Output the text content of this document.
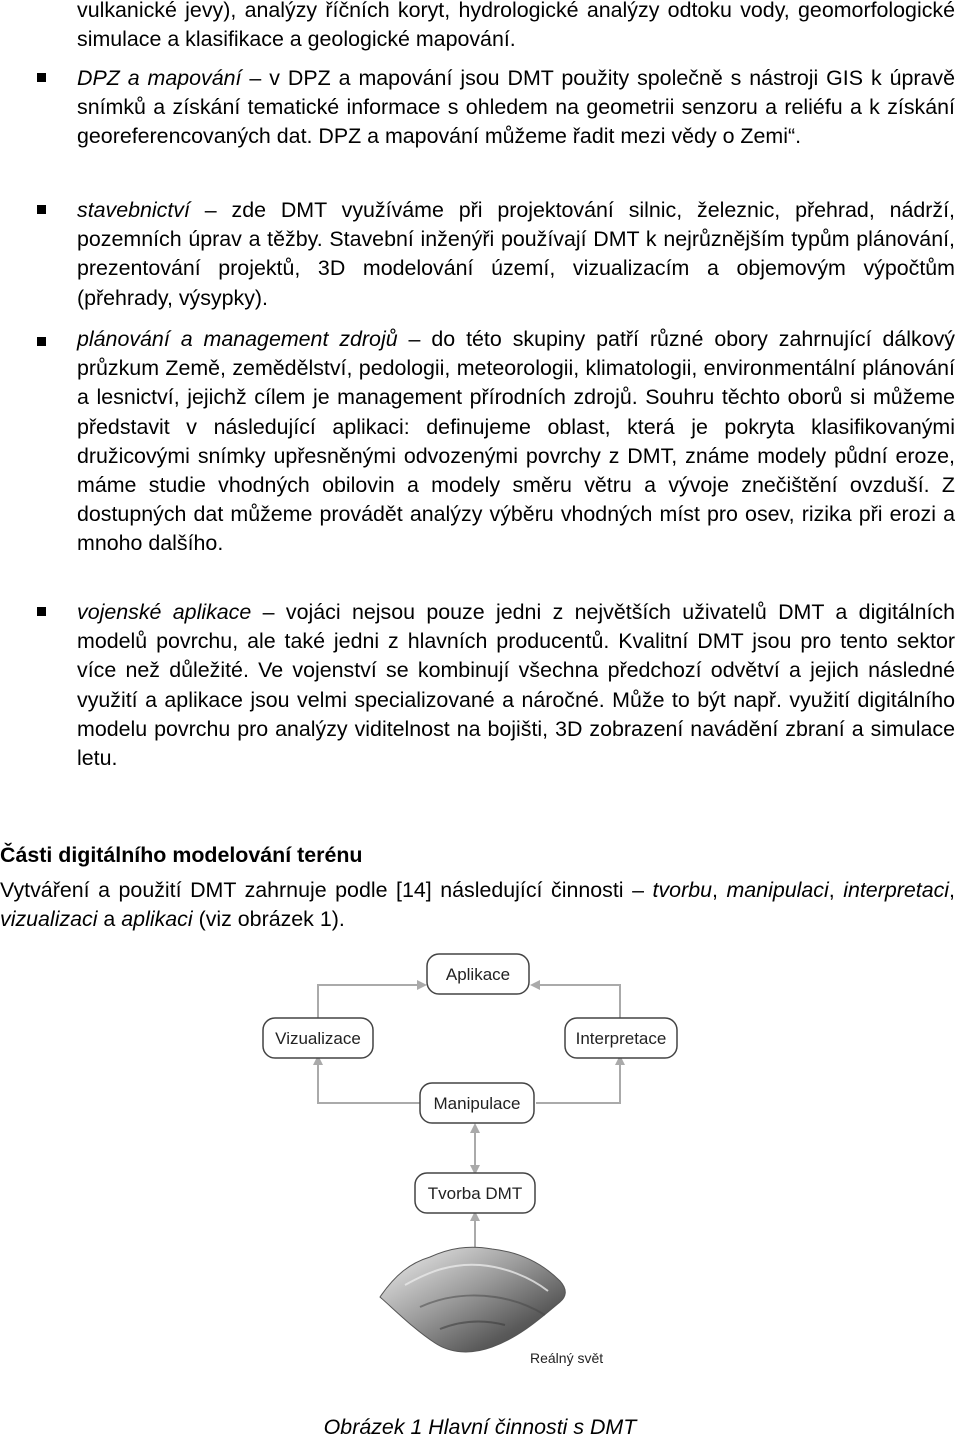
vulkanické jevy), analýzy říčních koryt, hydrologické analýzy odtoku vody, geomorfologické simulace a klasifikace a geologické mapování.

DPZ a mapování – v DPZ a mapování jsou DMT použity společně s nástroji GIS k úpravě snímků a získání tematické informace s ohledem na geometrii senzoru a reliéfu a k získání georeferencovaných dat. DPZ a mapování můžeme řadit mezi vědy o Zemi“.

stavebnictví – zde DMT využíváme při projektování silnic, železnic, přehrad, nádrží, pozemních úprav a těžby. Stavební inženýři používají DMT k nejrůznějším typům plánování, prezentování projektů, 3D modelování území, vizualizacím a objemovým výpočtům (přehrady, výsypky).

plánování a management zdrojů – do této skupiny patří různé obory zahrnující dálkový průzkum Země, zemědělství, pedologii, meteorologii, klimatologii, environmentální plánování a lesnictví, jejichž cílem je management přírodních zdrojů. Souhru těchto oborů si můžeme představit v následující aplikaci: definujeme oblast, která je pokryta klasifikovanými družicovými snímky upřesněnými odvozenými povrchy z DMT, známe modely půdní eroze, máme studie vhodných obilovin a modely směru větru a vývoje znečištění ovzduší. Z dostupných dat můžeme provádět analýzy výběru vhodných míst pro osev, rizika při erozi a mnoho dalšího.

vojenské aplikace – vojáci nejsou pouze jedni z největších uživatelů DMT a digitálních modelů povrchu, ale také jedni z hlavních producentů. Kvalitní DMT jsou pro tento sektor více než důležité. Ve vojenství se kombinují všechna předchozí odvětví a jejich následné využití a aplikace jsou velmi specializované a náročné. Může to být např. využití digitálního modelu povrchu pro analýzy viditelnost na bojišti, 3D zobrazení navádění zbraní a simulace letu.

Části digitálního modelování terénu

Vytváření a použití DMT zahrnuje podle [14] následující činnosti – tvorbu, manipulaci, interpretaci, vizualizaci a aplikaci (viz obrázek 1).

Aplikace
Vizualizace	Interpretace
Manipulace
Tvorba DMT
Reálný svět

Obrázek 1 Hlavní činnosti s DMT
